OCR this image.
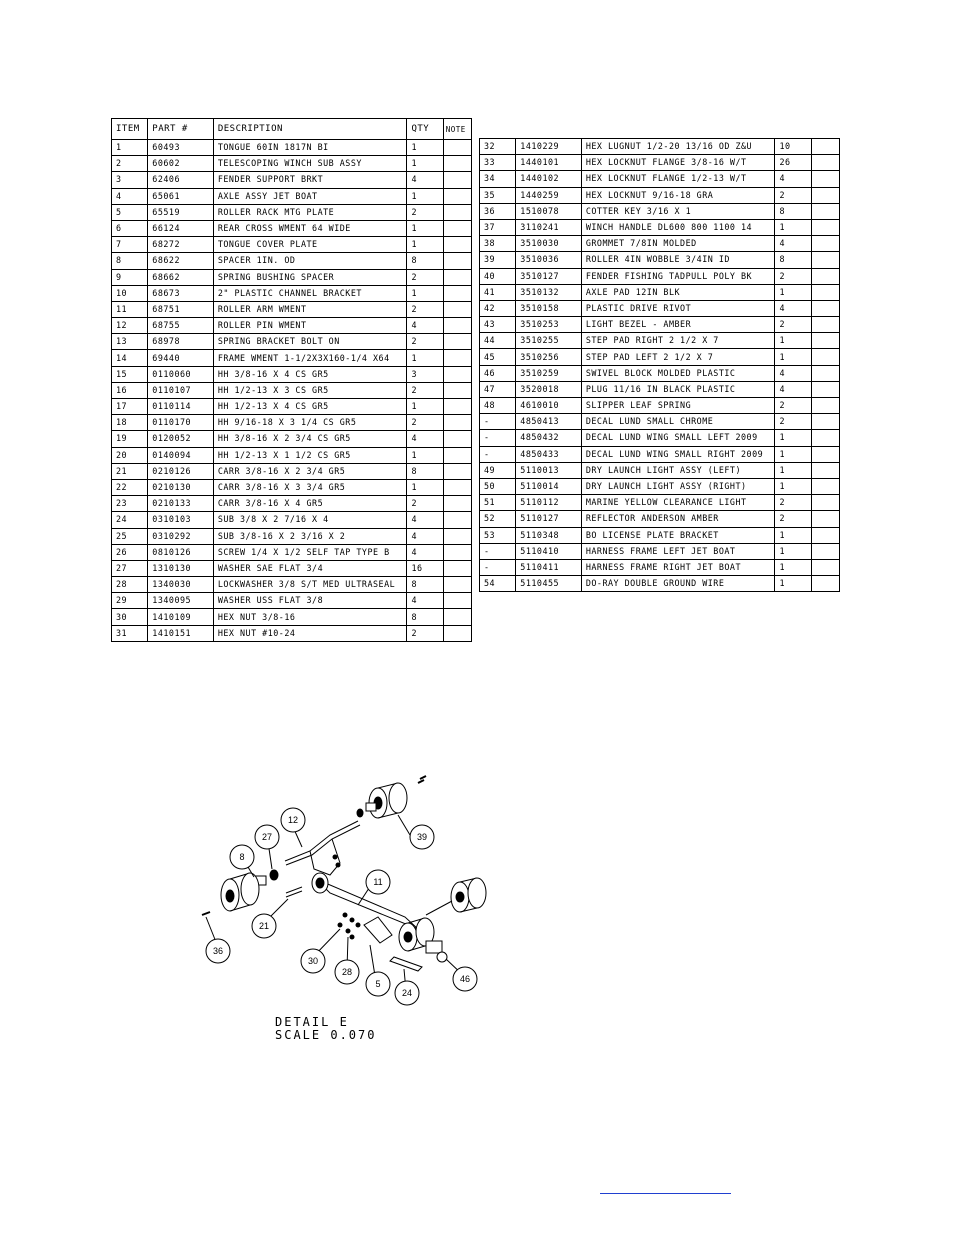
ITEM	PART #	DESCRIPTION	QTY	NOTE
1	60493	TONGUE 60IN 1817N BI	1	
2	60602	TELESCOPING WINCH SUB ASSY	1	
3	62406	FENDER SUPPORT BRKT	4	
4	65061	AXLE ASSY JET BOAT	1	
5	65519	ROLLER RACK MTG PLATE	2	
6	66124	REAR CROSS WMENT 64 WIDE	1	
7	68272	TONGUE COVER PLATE	1	
8	68622	SPACER 1IN. OD	8	
9	68662	SPRING BUSHING SPACER	2	
10	68673	2" PLASTIC CHANNEL BRACKET	1	
11	68751	ROLLER ARM WMENT	2	
12	68755	ROLLER PIN WMENT	4	
13	68978	SPRING BRACKET BOLT ON	2	
14	69440	FRAME WMENT 1-1/2X3X160-1/4 X64	1	
15	0110060	HH 3/8-16 X 4 CS GR5	3	
16	0110107	HH 1/2-13 X 3 CS GR5	2	
17	0110114	HH 1/2-13 X 4 CS GR5	1	
18	0110170	HH 9/16-18 X 3 1/4 CS GR5	2	
19	0120052	HH 3/8-16 X 2 3/4 CS GR5	4	
20	0140094	HH 1/2-13 X 1 1/2 CS GR5	1	
21	0210126	CARR 3/8-16 X 2 3/4 GR5	8	
22	0210130	CARR 3/8-16 X 3 3/4 GR5	1	
23	0210133	CARR 3/8-16 X 4 GR5	2	
24	0310103	SUB 3/8 X 2 7/16 X 4	4	
25	0310292	SUB 3/8-16 X 2 3/16 X 2	4	
26	0810126	SCREW 1/4 X 1/2 SELF TAP TYPE B	4	
27	1310130	WASHER SAE FLAT 3/4	16	
28	1340030	LOCKWASHER 3/8 S/T MED ULTRASEAL	8	
29	1340095	WASHER USS FLAT 3/8	4	
30	1410109	HEX NUT 3/8-16	8	
31	1410151	HEX NUT #10-24	2	
32	1410229	HEX LUGNUT 1/2-20 13/16 OD Z&U	10	
33	1440101	HEX LOCKNUT FLANGE 3/8-16 W/T	26	
34	1440102	HEX LOCKNUT FLANGE 1/2-13 W/T	4	
35	1440259	HEX LOCKNUT 9/16-18 GRA	2	
36	1510078	COTTER KEY 3/16 X 1	8	
37	3110241	WINCH HANDLE DL600 800 1100 14	1	
38	3510030	GROMMET 7/8IN MOLDED	4	
39	3510036	ROLLER 4IN WOBBLE 3/4IN ID	8	
40	3510127	FENDER FISHING TADPULL POLY BK	2	
41	3510132	AXLE PAD 12IN BLK	1	
42	3510158	PLASTIC DRIVE RIVOT	4	
43	3510253	LIGHT BEZEL - AMBER	2	
44	3510255	STEP PAD RIGHT 2 1/2 X 7	1	
45	3510256	STEP PAD LEFT 2 1/2 X 7	1	
46	3510259	SWIVEL BLOCK MOLDED PLASTIC	4	
47	3520018	PLUG 11/16 IN BLACK PLASTIC	4	
48	4610010	SLIPPER LEAF SPRING	2	
-	4850413	DECAL LUND SMALL CHROME	2	
-	4850432	DECAL LUND WING SMALL LEFT 2009	1	
-	4850433	DECAL LUND WING SMALL RIGHT 2009	1	
49	5110013	DRY LAUNCH LIGHT ASSY (LEFT)	1	
50	5110014	DRY LAUNCH LIGHT ASSY (RIGHT)	1	
51	5110112	MARINE YELLOW CLEARANCE LIGHT	2	
52	5110127	REFLECTOR ANDERSON AMBER	2	
53	5110348	BO LICENSE PLATE BRACKET	1	
-	5110410	HARNESS FRAME LEFT JET BOAT	1	
-	5110411	HARNESS FRAME RIGHT JET BOAT	1	
54	5110455	DO-RAY DOUBLE GROUND WIRE	1	
12
27
8
39
11
21
36
30
28
5
24
46
DETAIL E
SCALE 0.070
